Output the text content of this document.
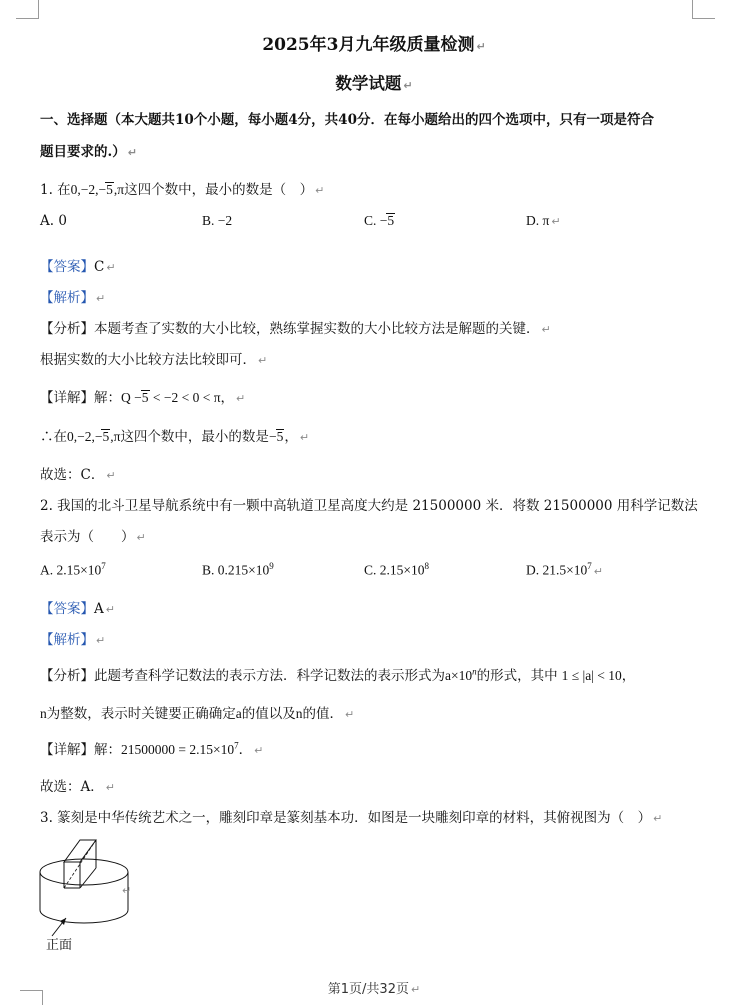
2025年3月九年级质量检测 ↵
数学试题 ↵
一、选择题（本大题共10个小题，每小题4分，共40分．在每小题给出的四个选项中，只有一项是符合
题目要求的.） ↵
1. 在0,−2,−5,π这四个数中，最小的数是（　） ↵
A. 0	B. −2	C. −5	D. π ↵
【答案】C ↵
【解析】 ↵
【分析】本题考查了实数的大小比较，熟练掌握实数的大小比较方法是解题的关键． ↵
根据实数的大小比较方法比较即可． ↵
【详解】解：Q −5 < −2 < 0 < π， ↵
∴在0,−2,−5,π这四个数中，最小的数是−5， ↵
故选：C． ↵
2. 我国的北斗卫星导航系统中有一颗中高轨道卫星高度大约是 21500000 米．将数 21500000 用科学记数法
表示为（　　） ↵
A. $2.15\times 10^7$	B. $0.215\times 10^9$	C. $2.15\times 10^8$	D. $21.5\times 10^7$ ↵
【答案】A ↵
【解析】 ↵
【分析】此题考查科学记数法的表示方法．科学记数法的表示形式为$a\times 10^n$的形式，其中 1 ≤ |a| < 10，
n为整数，表示时关键要正确确定a的值以及n的值． ↵
【详解】解：$21500000 = 2.15\times 10^7$． ↵
故选：A． ↵
3. 篆刻是中华传统艺术之一，雕刻印章是篆刻基本功．如图是一块雕刻印章的材料，其俯视图为（　） ↵
正面
↵
第1页/共32页 ↵
